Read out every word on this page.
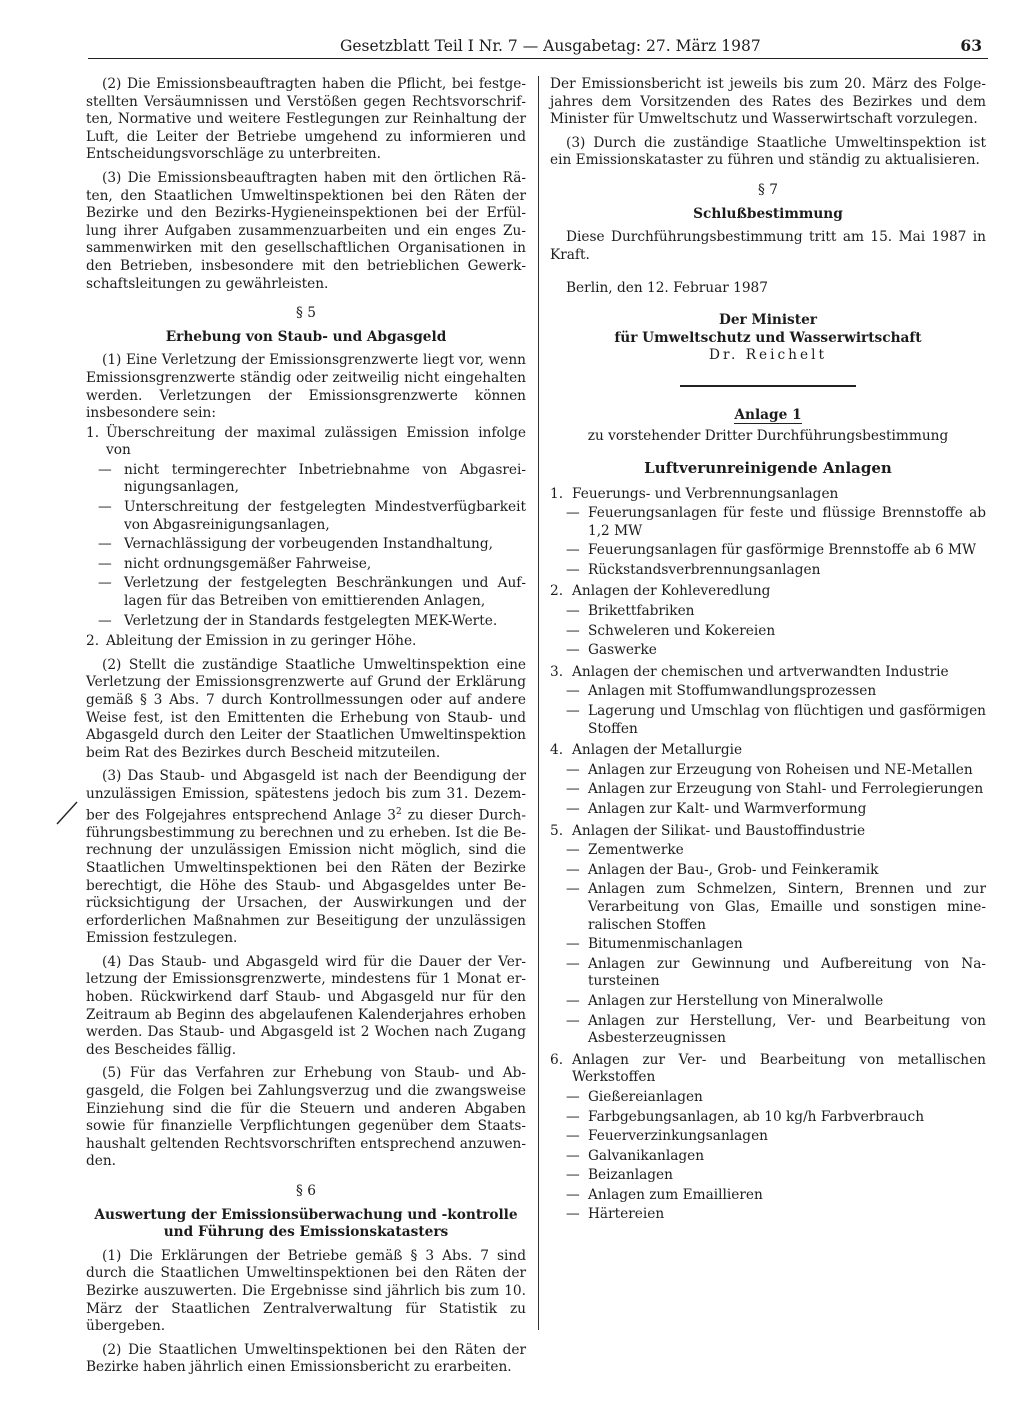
Gesetzblatt Teil I Nr. 7 — Ausgabetag: 27. März 1987	63

(2) Die Emissionsbeauftragten haben die Pflicht, bei festgestellten Versäumnissen und Verstößen gegen Rechtsvorschriften, Normative und weitere Festlegungen zur Reinhaltung der Luft, die Leiter der Betriebe umgehend zu informieren und Entscheidungsvorschläge zu unterbreiten.

(3) Die Emissionsbeauftragten haben mit den örtlichen Räten, den Staatlichen Umweltinspektionen bei den Räten der Bezirke und den Bezirks-Hygieneinspektionen bei der Erfüllung ihrer Aufgaben zusammenzuarbeiten und ein enges Zusammenwirken mit den gesellschaftlichen Organisationen in den Betrieben, insbesondere mit den betrieblichen Gewerkschaftsleitungen zu gewährleisten.

§ 5
Erhebung von Staub- und Abgasgeld

(1) Eine Verletzung der Emissionsgrenzwerte liegt vor, wenn Emissionsgrenzwerte ständig oder zeitweilig nicht eingehalten werden. Verletzungen der Emissionsgrenzwerte können insbesondere sein:

1. Überschreitung der maximal zulässigen Emission infolge von
— nicht termingerechter Inbetriebnahme von Abgasreinigungsanlagen,
— Unterschreitung der festgelegten Mindestverfügbarkeit von Abgasreinigungsanlagen,
— Vernachlässigung der vorbeugenden Instandhaltung,
— nicht ordnungsgemäßer Fahrweise,
— Verletzung der festgelegten Beschränkungen und Auflagen für das Betreiben von emittierenden Anlagen,
— Verletzung der in Standards festgelegten MEK-Werte.
2. Ableitung der Emission in zu geringer Höhe.

(2) Stellt die zuständige Staatliche Umweltinspektion eine Verletzung der Emissionsgrenzwerte auf Grund der Erklärung gemäß § 3 Abs. 7 durch Kontrollmessungen oder auf andere Weise fest, ist den Emittenten die Erhebung von Staub- und Abgasgeld durch den Leiter der Staatlichen Umweltinspektion beim Rat des Bezirkes durch Bescheid mitzuteilen.

(3) Das Staub- und Abgasgeld ist nach der Beendigung der unzulässigen Emission, spätestens jedoch bis zum 31. Dezember des Folgejahres entsprechend Anlage $3^2$ zu dieser Durchführungsbestimmung zu berechnen und zu erheben. Ist die Berechnung der unzulässigen Emission nicht möglich, sind die Staatlichen Umweltinspektionen bei den Räten der Bezirke berechtigt, die Höhe des Staub- und Abgasgeldes unter Berücksichtigung der Ursachen, der Auswirkungen und der erforderlichen Maßnahmen zur Beseitigung der unzulässigen Emission festzulegen.

(4) Das Staub- und Abgasgeld wird für die Dauer der Verletzung der Emissionsgrenzwerte, mindestens für 1 Monat erhoben. Rückwirkend darf Staub- und Abgasgeld nur für den Zeitraum ab Beginn des abgelaufenen Kalenderjahres erhoben werden. Das Staub- und Abgasgeld ist 2 Wochen nach Zugang des Bescheides fällig.

(5) Für das Verfahren zur Erhebung von Staub- und Abgasgeld, die Folgen bei Zahlungsverzug und die zwangsweise Einziehung sind die für die Steuern und anderen Abgaben sowie für finanzielle Verpflichtungen gegenüber dem Staatshaushalt geltenden Rechtsvorschriften entsprechend anzuwenden.

§ 6
Auswertung der Emissionsüberwachung und -kontrolle
und Führung des Emissionskatasters

(1) Die Erklärungen der Betriebe gemäß § 3 Abs. 7 sind durch die Staatlichen Umweltinspektionen bei den Räten der Bezirke auszuwerten. Die Ergebnisse sind jährlich bis zum 10. März der Staatlichen Zentralverwaltung für Statistik zu übergeben.

(2) Die Staatlichen Umweltinspektionen bei den Räten der Bezirke haben jährlich einen Emissionsbericht zu erarbeiten.

Der Emissionsbericht ist jeweils bis zum 20. März des Folgejahres dem Vorsitzenden des Rates des Bezirkes und dem Minister für Umweltschutz und Wasserwirtschaft vorzulegen.

(3) Durch die zuständige Staatliche Umweltinspektion ist ein Emissionskataster zu führen und ständig zu aktualisieren.

§ 7
Schlußbestimmung

Diese Durchführungsbestimmung tritt am 15. Mai 1987 in Kraft.

Berlin, den 12. Februar 1987

Der Minister

für Umweltschutz und Wasserwirtschaft

Dr. Reichelt

Anlage 1

zu vorstehender Dritter Durchführungsbestimmung

Luftverunreinigende Anlagen
1. Feuerungs- und Verbrennungsanlagen
— Feuerungsanlagen für feste und flüssige Brennstoffe ab 1,2 MW
— Feuerungsanlagen für gasförmige Brennstoffe ab 6 MW
— Rückstandsverbrennungsanlagen
2. Anlagen der Kohleveredlung
— Brikettfabriken
— Schweleren und Kokereien
— Gaswerke
3. Anlagen der chemischen und artverwandten Industrie
— Anlagen mit Stoffumwandlungsprozessen
— Lagerung und Umschlag von flüchtigen und gasförmigen Stoffen
4. Anlagen der Metallurgie
— Anlagen zur Erzeugung von Roheisen und NE-Metallen
— Anlagen zur Erzeugung von Stahl- und Ferrolegierungen
— Anlagen zur Kalt- und Warmverformung
5. Anlagen der Silikat- und Baustoffindustrie
— Zementwerke
— Anlagen der Bau-, Grob- und Feinkeramik
— Anlagen zum Schmelzen, Sintern, Brennen und zur Verarbeitung von Glas, Emaille und sonstigen mineralischen Stoffen
— Bitumenmischanlagen
— Anlagen zur Gewinnung und Aufbereitung von Natursteinen
— Anlagen zur Herstellung von Mineralwolle
— Anlagen zur Herstellung, Ver- und Bearbeitung von Asbesterzeugnissen
6. Anlagen zur Ver- und Bearbeitung von metallischen Werkstoffen
— Gießereianlagen
— Farbgebungsanlagen, ab 10 kg/h Farbverbrauch
— Feuerverzinkungsanlagen
— Galvanikanlagen
— Beizanlagen
— Anlagen zum Emaillieren
— Härtereien
